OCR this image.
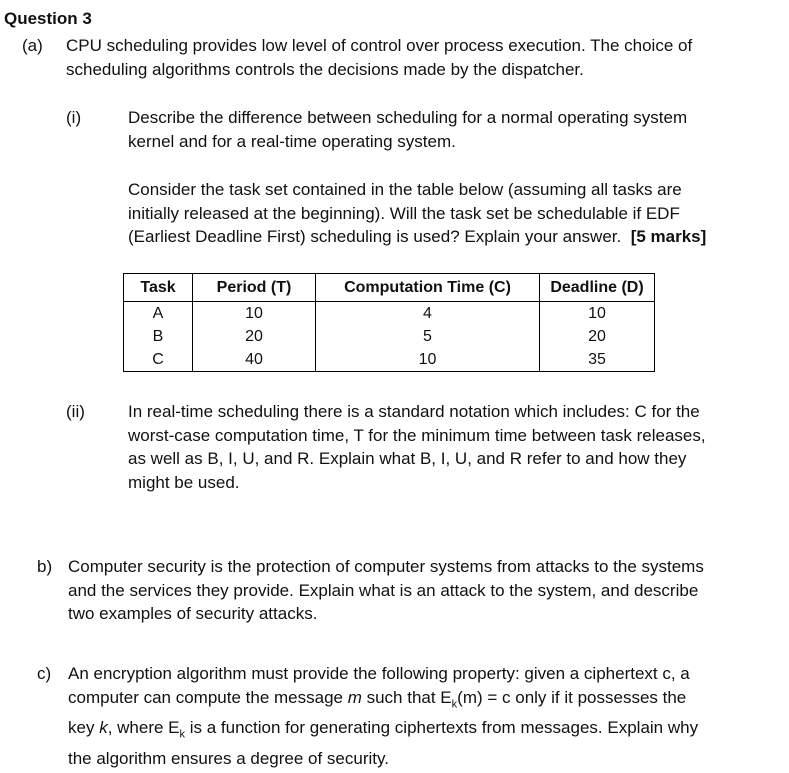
Question 3
(a) CPU scheduling provides low level of control over process execution. The choice of
scheduling algorithms controls the decisions made by the dispatcher.
(i)	Describe the difference between scheduling for a normal operating system
kernel and for a real-time operating system.
Consider the task set contained in the table below (assuming all tasks are
initially released at the beginning). Will the task set be schedulable if EDF
(Earliest Deadline First) scheduling is used? Explain your answer. [5 marks]
Task	Period (T)	Computation Time (C)	Deadline (D)
A	10	4	10
B	20	5	20
C	40	10	35
(ii)	In real-time scheduling there is a standard notation which includes: C for the
worst-case computation time, T for the minimum time between task releases,
as well as B, I, U, and R. Explain what B, I, U, and R refer to and how they
might be used.
b) Computer security is the protection of computer systems from attacks to the systems
and the services they provide. Explain what is an attack to the system, and describe
two examples of security attacks.
c) An encryption algorithm must provide the following property: given a ciphertext c, a
computer can compute the message m such that $E_k(m) = c$ only if it possesses the
key k, where $E_k$ is a function for generating ciphertexts from messages. Explain why
the algorithm ensures a degree of security.
